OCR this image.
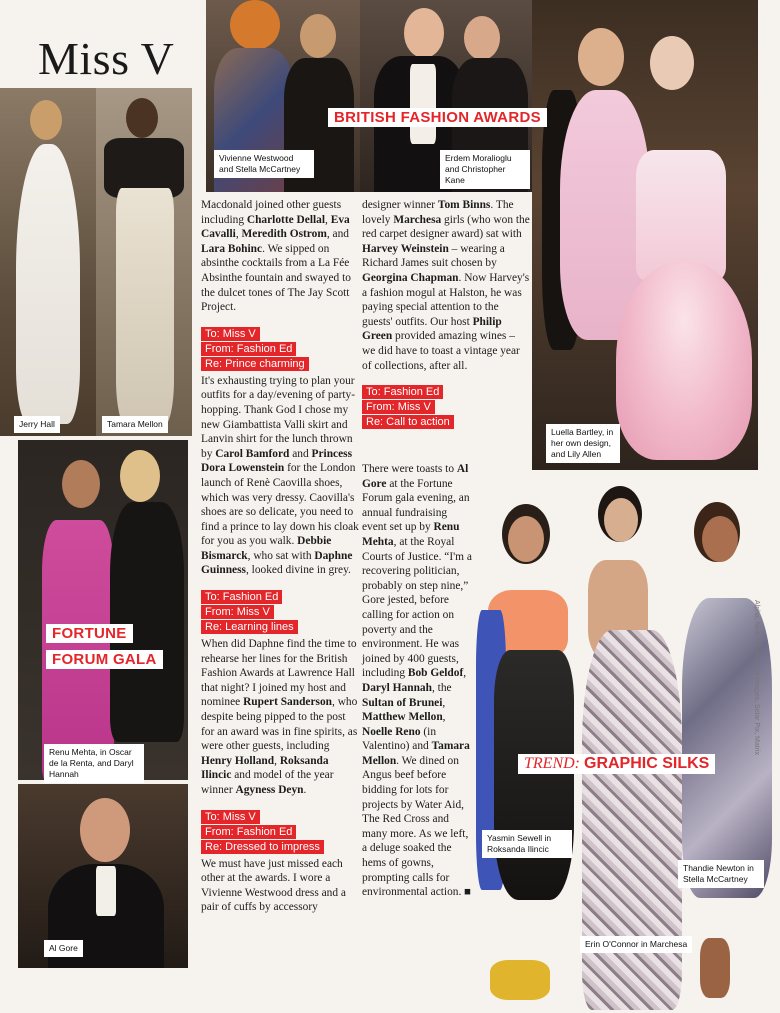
Miss V
Jerry Hall	Tamara Mellon
Vivienne Westwood and Stella McCartney
Erdem Moralioglu and Christopher Kane
Luella Bartley, in her own design, and Lily Allen
Renu Mehta, in Oscar de la Renta, and Daryl Hannah
Al Gore
Yasmin Sewell in Roksanda Ilincic
Erin O'Connor in Marchesa
Thandie Newton in Stella McCartney
BRITISH FASHION AWARDS
FORTUNE
FORUM GALA
TREND: GRAPHIC SILKS

Macdonald joined other guests including Charlotte Dellal, Eva Cavalli, Meredith Ostrom, and Lara Bohinc. We sipped on absinthe cocktails from a La Fée Absinthe fountain and swayed to the dulcet tones of The Jay Scott Project.

To: Miss V
From: Fashion Ed
Re: Prince charming

It's exhausting trying to plan your outfits for a day/evening of party-hopping. Thank God I chose my new Giambattista Valli skirt and Lanvin shirt for the lunch thrown by Carol Bamford and Princess Dora Lowenstein for the London launch of Renè Caovilla shoes, which was very dressy. Caovilla's shoes are so delicate, you need to find a prince to lay down his cloak for you as you walk. Debbie Bismarck, who sat with Daphne Guinness, looked divine in grey.

To: Fashion Ed
From: Miss V
Re: Learning lines

When did Daphne find the time to rehearse her lines for the British Fashion Awards at Lawrence Hall that night? I joined my host and nominee Rupert Sanderson, who despite being pipped to the post for an award was in fine spirits, as were other guests, including Henry Holland, Roksanda Ilincic and model of the year winner Agyness Deyn.

To: Miss V
From: Fashion Ed
Re: Dressed to impress

We must have just missed each other at the awards. I wore a Vivienne Westwood dress and a pair of cuffs by accessory

designer winner Tom Binns. The lovely Marchesa girls (who won the red carpet designer award) sat with Harvey Weinstein – wearing a Richard James suit chosen by Georgina Chapman. Now Harvey's a fashion mogul at Halston, he was paying special attention to the guests' outfits. Our host Philip Green provided amazing wines – we did have to toast a vintage year of collections, after all.

To: Fashion Ed
From: Miss V
Re: Call to action

There were toasts to Al Gore at the Fortune Forum gala evening, an annual fundraising event set up by Renu Mehta, at the Royal Courts of Justice. “I'm a recovering politician, probably on step nine,” Gore jested, before calling for action on poverty and the environment. He was joined by 400 guests, including Bob Geldof, Daryl Hannah, the Sultan of Brunei, Matthew Mellon, Noelle Reno (in Valentino) and Tamara Mellon. We dined on Angus beef before bidding for lots for projects by Water Aid, The Red Cross and many more. As we left, a deluge soaked the hems of gowns, prompting calls for environmental action. ■

Alpha, Nick Harvey, Rex Images, Solar Pix, Matrix
